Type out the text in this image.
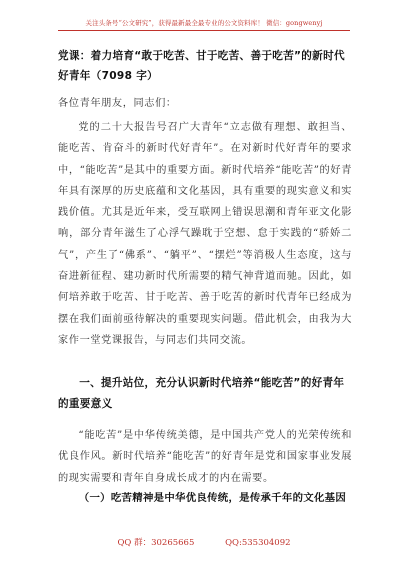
关注头条号“公文研究”，获得最新最全最专业的公文资料库！ 微信：gongwenyj
党课：着力培育“敢于吃苦、甘于吃苦、善于吃苦”的新时代好青年（7098 字）
各位青年朋友，同志们：
党的二十大报告号召广大青年“立志做有理想、敢担当、能吃苦、肯奋斗的新时代好青年”。在对新时代好青年的要求中，“能吃苦”是其中的重要方面。新时代培养“能吃苦”的好青年具有深厚的历史底蕴和文化基因，具有重要的现实意义和实践价值。尤其是近年来，受互联网上错误思潮和青年亚文化影响，部分青年滋生了心浮气躁耽于空想、怠于实践的“骄娇二气”，产生了“佛系”、“躺平”、“摆烂”等消极人生态度，这与奋进新征程、建功新时代所需要的精气神背道而驰。因此，如何培养敢于吃苦、甘于吃苦、善于吃苦的新时代青年已经成为摆在我们面前亟待解决的重要现实问题。借此机会，由我为大家作一堂党课报告，与同志们共同交流。
一、提升站位，充分认识新时代培养“能吃苦”的好青年的重要意义
“能吃苦”是中华传统美德，是中国共产党人的光荣传统和优良作风。新时代培养“能吃苦”的好青年是党和国家事业发展的现实需要和青年自身成长成才的内在需要。
（一）吃苦精神是中华优良传统，是传承千年的文化基因
QQ 群：30265665	QQ:535304092
